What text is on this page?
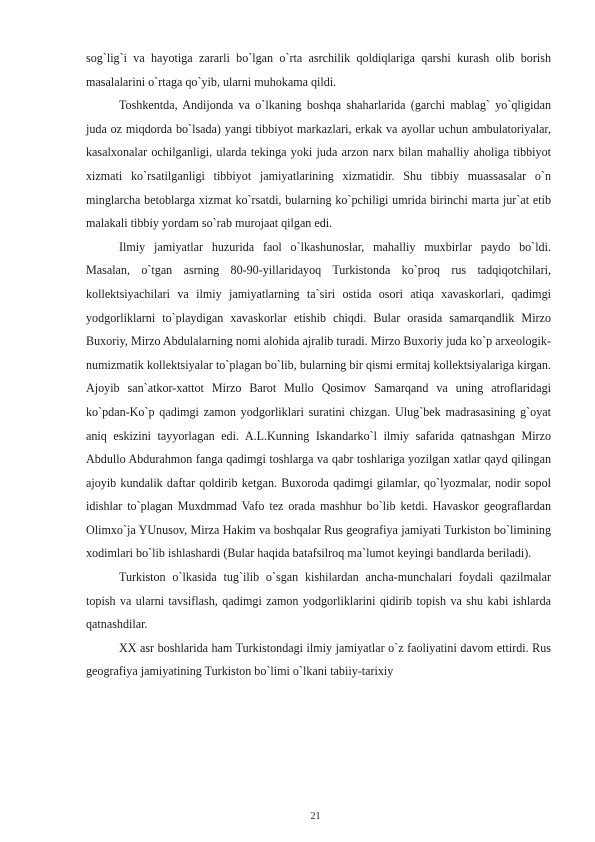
sog`lig`i va hayotiga zararli bo`lgan o`rta asrchilik qoldiqlariga qarshi kurash olib borish masalalarini o`rtaga qo`yib, ularni muhokama qildi.

Toshkentda, Andijonda va o`lkaning boshqa shaharlarida (garchi mablag` yo`qligidan juda oz miqdorda bo`lsada) yangi tibbiyot markazlari, erkak va ayollar uchun ambulatoriyalar, kasalxonalar ochilganligi, ularda tekinga yoki juda arzon narx bilan mahalliy aholiga tibbiyot xizmati ko`rsatilganligi tibbiyot jamiyatlarining xizmatidir. Shu tibbiy muassasalar o`n minglarcha betoblarga xizmat ko`rsatdi, bularning ko`pchiligi umrida birinchi marta jur`at etib malakali tibbiy yordam so`rab murojaat qilgan edi.

Ilmiy jamiyatlar huzurida faol o`lkashunoslar, mahalliy muxbirlar paydo bo`ldi. Masalan, o`tgan asrning 80-90-yillaridayoq Turkistonda ko`proq rus tadqiqotchilari, kollektsiyachilari va ilmiy jamiyatlarning ta`siri ostida osori atiqa xavaskorlari, qadimgi yodgorliklarni to`playdigan xavaskorlar etishib chiqdi. Bular orasida samarqandlik Mirzo Buxoriy, Mirzo Abdulalarning nomi alohida ajralib turadi. Mirzo Buxoriy juda ko`p arxeologik-numizmatik kollektsiyalar to`plagan bo`lib, bularning bir qismi ermitaj kollektsiyalariga kirgan. Ajoyib san`atkor-xattot Mirzo Barot Mullo Qosimov Samarqand va uning atroflaridagi ko`pdan-Ko`p qadimgi zamon yodgorliklari suratini chizgan. Ulug`bek madrasasining g`oyat aniq eskizini tayyorlagan edi. A.L.Kunning Iskandarko`l ilmiy safarida qatnashgan Mirzo Abdullo Abdurahmon fanga qadimgi toshlarga va qabr toshlariga yozilgan xatlar qayd qilingan ajoyib kundalik daftar qoldirib ketgan. Buxoroda qadimgi gilamlar, qo`lyozmalar, nodir sopol idishlar to`plagan Muxdmmad Vafo tez orada mashhur bo`lib ketdi. Havaskor geograflardan Olimxo`ja YUnusov, Mirza Hakim va boshqalar Rus geografiya jamiyati Turkiston bo`limining xodimlari bo`lib ishlashardi (Bular haqida batafsilroq ma`lumot keyingi bandlarda beriladi).

Turkiston o`lkasida tug`ilib o`sgan kishilardan ancha-munchalari foydali qazilmalar topish va ularni tavsiflash, qadimgi zamon yodgorliklarini qidirib topish va shu kabi ishlarda qatnashdilar.

XX asr boshlarida ham Turkistondagi ilmiy jamiyatlar o`z faoliyatini davom ettirdi. Rus geografiya jamiyatining Turkiston bo`limi o`lkani tabiiy-tarixiy

21
